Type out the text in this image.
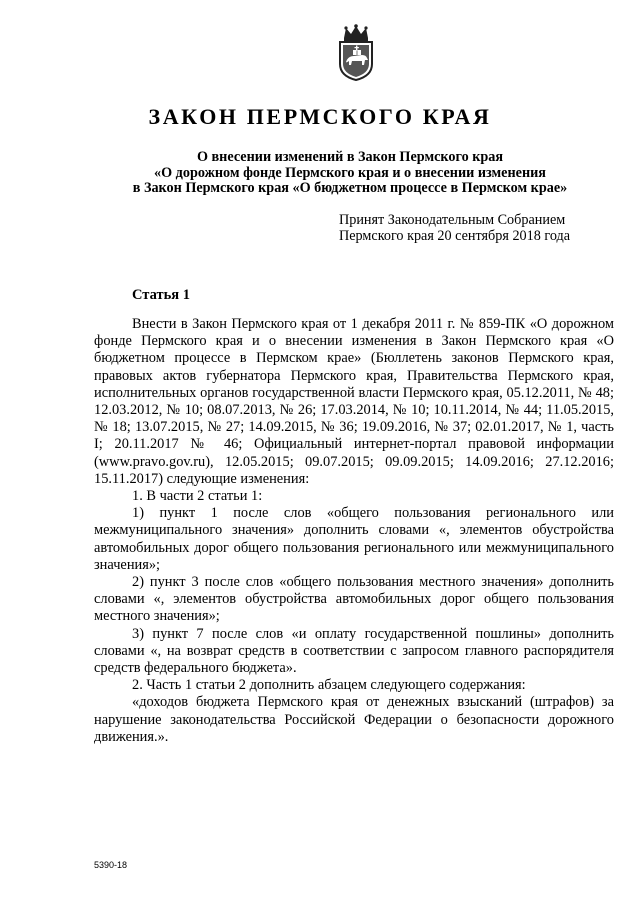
ЗАКОН ПЕРМСКОГО КРАЯ
О внесении изменений в Закон Пермского края
«О дорожном фонде Пермского края и о внесении изменения
в Закон Пермского края «О бюджетном процессе в Пермском крае»
Принят Законодательным Собранием
Пермского края 20 сентября 2018 года
Статья 1

Внести в Закон Пермского края от 1 декабря 2011 г. № 859-ПК «О дорожном фонде Пермского края и о внесении изменения в Закон Пермского края «О бюджетном процессе в Пермском крае» (Бюллетень законов Пермского края, правовых актов губернатора Пермского края, Правительства Пермского края, исполнительных органов государственной власти Пермского края, 05.12.2011, № 48; 12.03.2012, № 10; 08.07.2013, № 26; 17.03.2014, № 10; 10.11.2014, № 44; 11.05.2015, № 18; 13.07.2015, № 27; 14.09.2015, № 36; 19.09.2016, № 37; 02.01.2017, № 1, часть I; 20.11.2017 № 46; Официальный интернет-портал правовой информации (www.pravo.gov.ru), 12.05.2015; 09.07.2015; 09.09.2015; 14.09.2016; 27.12.2016; 15.11.2017) следующие изменения:

1. В части 2 статьи 1:

1) пункт 1 после слов «общего пользования регионального или межмуниципального значения» дополнить словами «, элементов обустройства автомобильных дорог общего пользования регионального или межмуниципального значения»;

2) пункт 3 после слов «общего пользования местного значения» дополнить словами «, элементов обустройства автомобильных дорог общего пользования местного значения»;

3) пункт 7 после слов «и оплату государственной пошлины» дополнить словами «, на возврат средств в соответствии с запросом главного распорядителя средств федерального бюджета».

2. Часть 1 статьи 2 дополнить абзацем следующего содержания:

«доходов бюджета Пермского края от денежных взысканий (штрафов) за нарушение законодательства Российской Федерации о безопасности дорожного движения.».

5390-18
